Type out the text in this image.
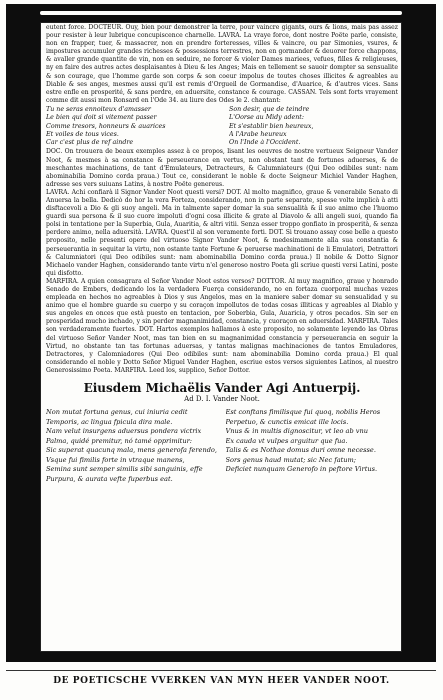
eutent force. DOCTEUR. Ouy, bien pour demonstrer la terre, pour vaincre gigants, ours & lions, mais pas assez pour resister à leur lubrique concupiscence charnelle. LAVRA. La vraye force, dont nostre Poëte parle, consiste, non en frapper, tuer, & massacrer, non en prendre forteresses, villes & vaincre, ou par Simonies, vsures, & impostures accumuler grandes richesses & possessions terrestres, non en gormander & deuorer force chappons, & avaller grande quantite de vin, non en seduire, ne forcer & violer Dames mariees, vefues, filles & religieuses, ny en faire des autres actes desplaisantes à Dieu & les Anges; Mais en tellement se sauoir dompter sa sensualite & son courage, que l'homme garde son corps & son coeur impolus de toutes choses illicites & agreables au Diable & ses anges, mesmes aussi qu'il est remis d'Orgueil de Gormandise, d'Auarice, & d'autres vices. Sans estre enfle en prosperité, & sans perdre, en aduersite, constance & courage. CASSAN. Tels sont forts vrayement comme dit aussi mon Ronsard en l'Ode 34. au liure des Odes le 2. chantant:

Tu ne seras ennoiteux d'amasser
Le bien qui doit si vitement passer
Comme tresors, honneurs & auarices
Et voiles de tous vices.
Car c'est plus de ref aindre
Son desir, que de teindre
L'Oorse au Midy adent:
Et s'establir bien heureux,
A l'Arabe heureux
On l'Inde à l'Occident.

DOC. On trouuera de beaux exemples assez à ce propos, lisant les oeuvres de nostre vertueux Seigneur Vander Noot, & mesmes à sa constance & perseuerance en vertus, non obstant tant de fortunes aduerses, & de meschantes machinations, de tant d'Emulateurs, Detracteurs, & Calumniateurs (Qui Deo odibiles sunt: nam abominabilia Domino corda praua.) Tout ce, considerant le noble & docte Seigneur Michiel Vander Haghen, adresse ses vers suiuans Latins, à nostre Poëte genereus.

LAVRA. Achi confiarà il Signor Vander Noot questi versi? DOT. Al molto magnifico, graue & venerabile Senato di Anuersa la bella. Dedicò do hor la vera Forteza, considerando, non in parte separate, spesse volte implicà à atti disftacevoli a Dio & gli suoy angeli. Ma in talmente saper domar la sua sensualità & il suo animo che l'huomo guardi sua persona & il suo cuore impoluti d'ogni cosa illicite & grate al Diavolo & alli angeli suoi, quando fia polsi in tentatione per la Superbia, Gula, Auaritia, & altri vitii. Senza esser troppo gonfiato in prosperità, & senza perdere animo, nella aduersità. LAVRA. Quest'il al son veramente forti. DOT. Si trouano assay cose belle a questo proposito, nelle presenti opere del virtuoso Signor Vander Noot, & medesimamente alla sua constantia & perseuerantia in sequitar la virtu, non ostante tante Fortune & peruerse machinationi de li Emulatori, Detrattori & Calumniatori (qui Deo odibiles sunt: nam abominabilia Domino corda praua.) Il nobile & Dotto Signor Michaelo vander Haghen, considerando tante virtu n'el generoso nostro Poeta gli scriue questi versi Latini, poste qui disfotto.

MARFIRA. A quien consagrara el Señor Vander Noot estos versos? DOTTOR. Al muy magnifico, graue y honrado Senado de Embers, dedicando los la verdadera Fuerça considerando, no en fortaza cuorporal muchas vezes empleada en hechos no agreables à Dios y sus Angelos, mas en la maniere saber domar su sensualidad y su animo que el hombre guarde su cuerpo y su coraçon impollutos de todas cosas illiticas y agreables al Diablo y sus angeles en onces que està puesto en tentacion, por Soberbia, Gula, Auaricia, y otros pecados. Sin ser en prosperidad mucho inchado, y sin perder magnanimidad, constancia, y cuoraçon en aduersidad. MARFIRA. Tales son verdaderamente fuertes. DOT. Hartos exemplos hallamos à este proposito, no solamente leyendo las Obras del virtuoso Señor Vander Noot, mas tan bien en su magnanimidad constancia y perseuerancia en seguir la Virtud, no obstante tan tas fortunas aduersas, y tantas malignas machinaciones de tantos Emuladores, Detractores, y Calomniadores (Qui Deo odibiles sunt: nam abominabilia Domino corda praua.) El qual considerando el noble y Dotto Señor Miguel Vander Haghen, escriue estos versos siguientes Latinos, al nuestro Generosissimo Poeta. MARFIRA. Leed los, supplico, Señor Dottor.

Eiusdem Michaëlis Vander Agi Antuerpij.
Ad D. I. Vander Noot.
Non mutat fortuna genus, cui iniuria cedit
Temporis, ac lingua fpicula dira male.
Nam velut insurgens aduersus pondera victrix
Palma, quidé premitur, nó tamé opprimitur:
Sic superat quacunq mala, mens generofa ferendo,
Vsque fui fimilis forte in vtraque manens,
Semina sunt semper similis sibi sanguinis, effe
Purpura, & aurata vefte fuperbus eat.
Est conftans fimilisque fui quoq, nobilis Heros
Perpetuo, & cunctis emicat ille locis.
Vnus & in multis dignoscitur, vt leo ab vnu
Ex cauda vt vulpes arguitur que fua.
Talis & es Nothae domus duri omne necesse.
Sors genus haud mutat; sic Nec fatum;
Deficiet nunquam Generofo in peftore Virtus.
DE POETICSCHE VVERKEN VAN MYN HEER VANDER NOOT.
